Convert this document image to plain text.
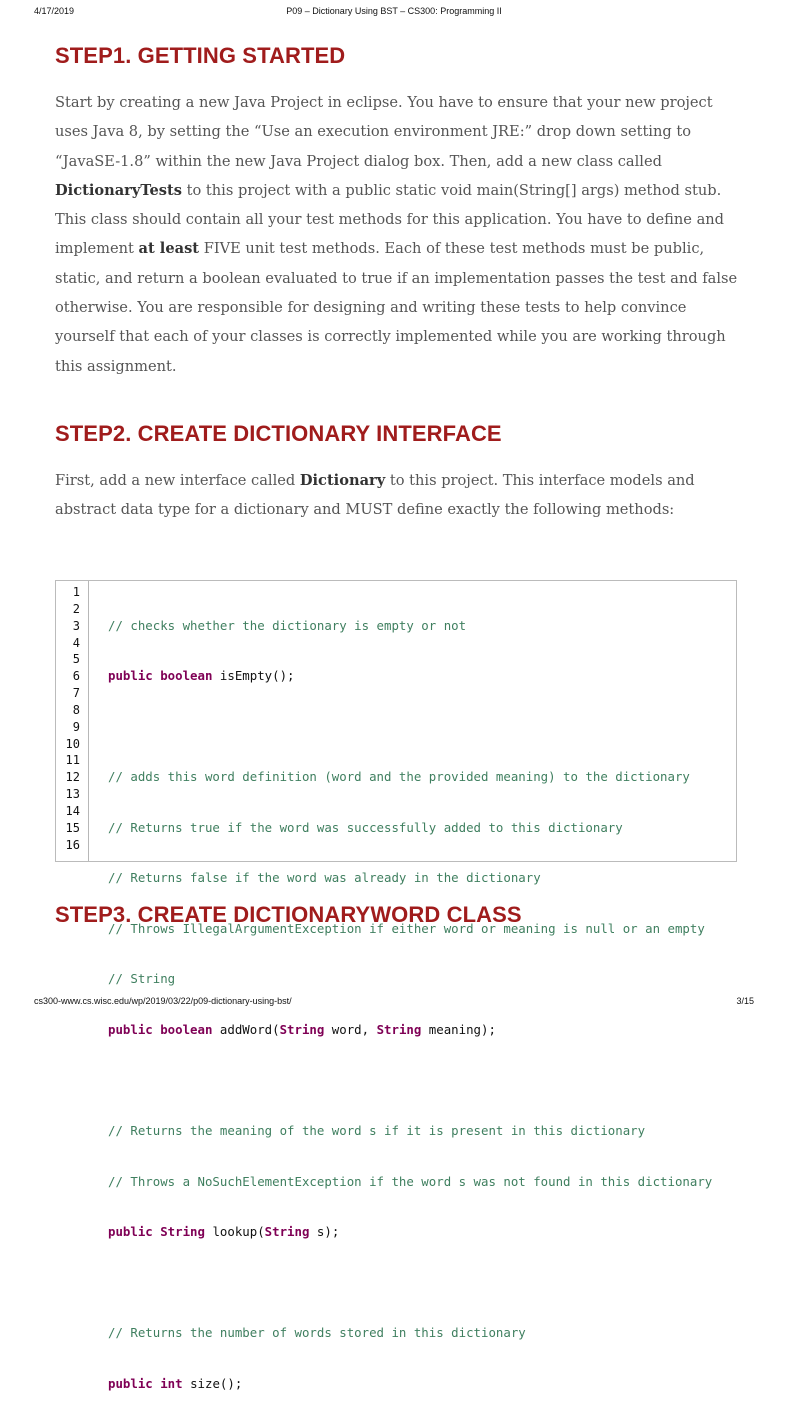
4/17/2019	P09 – Dictionary Using BST – CS300: Programming II
STEP1. GETTING STARTED

Start by creating a new Java Project in eclipse. You have to ensure that your new project uses Java 8, by setting the “Use an execution environment JRE:” drop down setting to “JavaSE-1.8” within the new Java Project dialog box. Then, add a new class called DictionaryTests to this project with a public static void main(String[] args) method stub. This class should contain all your test methods for this application. You have to define and implement at least FIVE unit test methods. Each of these test methods must be public, static, and return a boolean evaluated to true if an implementation passes the test and false otherwise. You are responsible for designing and writing these tests to help convince yourself that each of your classes is correctly implemented while you are working through this assignment.

STEP2. CREATE DICTIONARY INTERFACE

First, add a new interface called Dictionary to this project. This interface models and abstract data type for a dictionary and MUST define exactly the following methods:

1
2
3
4
5
6
7
8
9
10
11
12
13
14
15
16

// checks whether the dictionary is empty or not

public boolean isEmpty();

// adds this word definition (word and the provided meaning) to the dictionary

// Returns true if the word was successfully added to this dictionary

// Returns false if the word was already in the dictionary

// Throws IllegalArgumentException if either word or meaning is null or an empty

// String

public boolean addWord(String word, String meaning);

// Returns the meaning of the word s if it is present in this dictionary

// Throws a NoSuchElementException if the word s was not found in this dictionary

public String lookup(String s);

// Returns the number of words stored in this dictionary

public int size();

STEP3. CREATE DICTIONARYWORD CLASS
cs300-www.cs.wisc.edu/wp/2019/03/22/p09-dictionary-using-bst/	3/15
